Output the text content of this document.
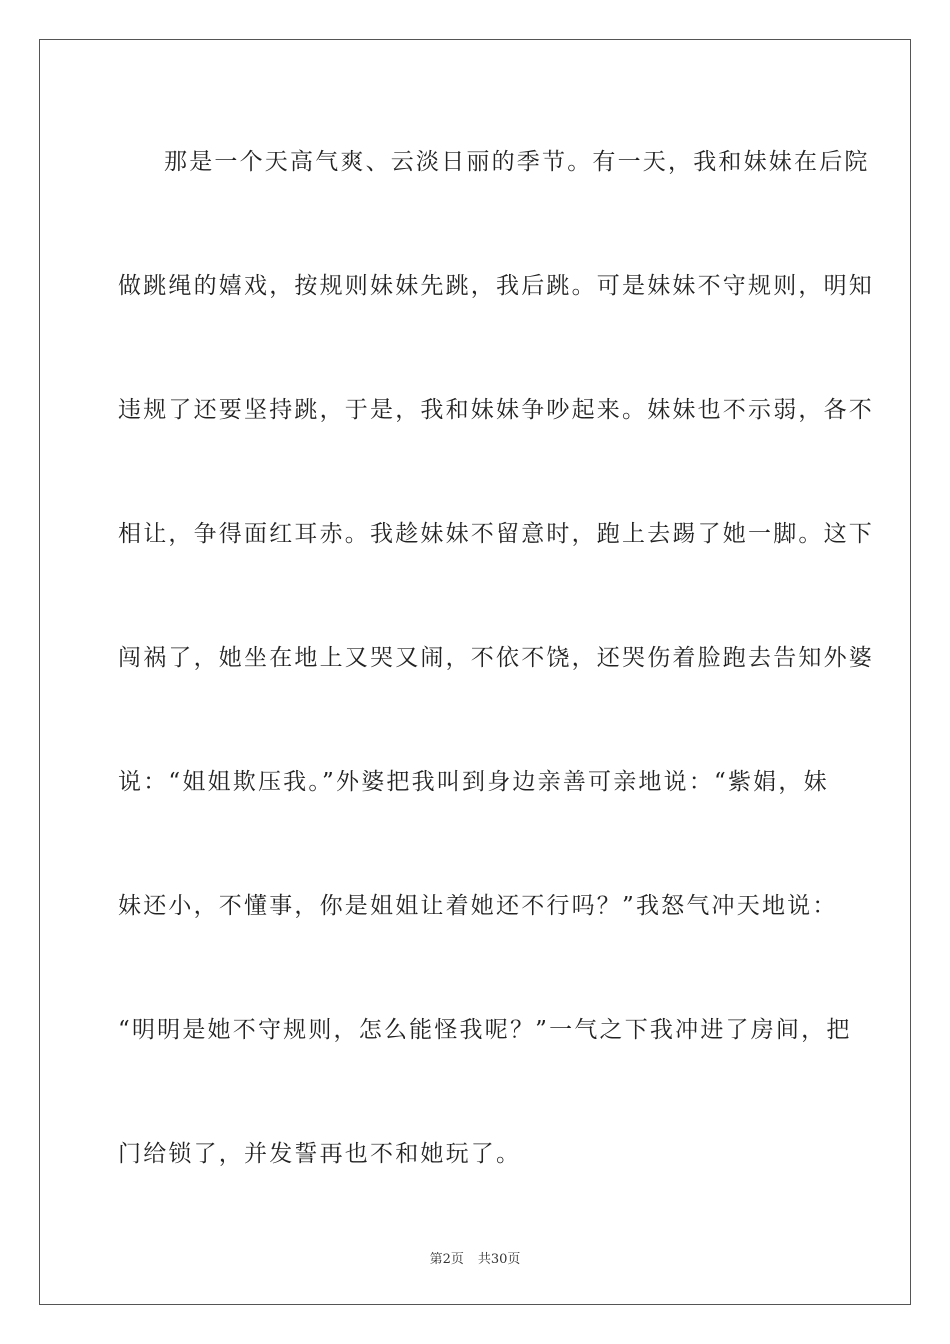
那是一个天高气爽、云淡日丽的季节。有一天，我和妹妹在后院
做跳绳的嬉戏，按规则妹妹先跳，我后跳。可是妹妹不守规则，明知
违规了还要坚持跳，于是，我和妹妹争吵起来。妹妹也不示弱，各不
相让，争得面红耳赤。我趁妹妹不留意时，跑上去踢了她一脚。这下
闯祸了，她坐在地上又哭又闹，不依不饶，还哭伤着脸跑去告知外婆
说：“姐姐欺压我。”外婆把我叫到身边亲善可亲地说：“紫娟，妹
妹还小，不懂事，你是姐姐让着她还不行吗？”我怒气冲天地说：
“明明是她不守规则，怎么能怪我呢？”一气之下我冲进了房间，把
门给锁了，并发誓再也不和她玩了。
第2页 共30页
